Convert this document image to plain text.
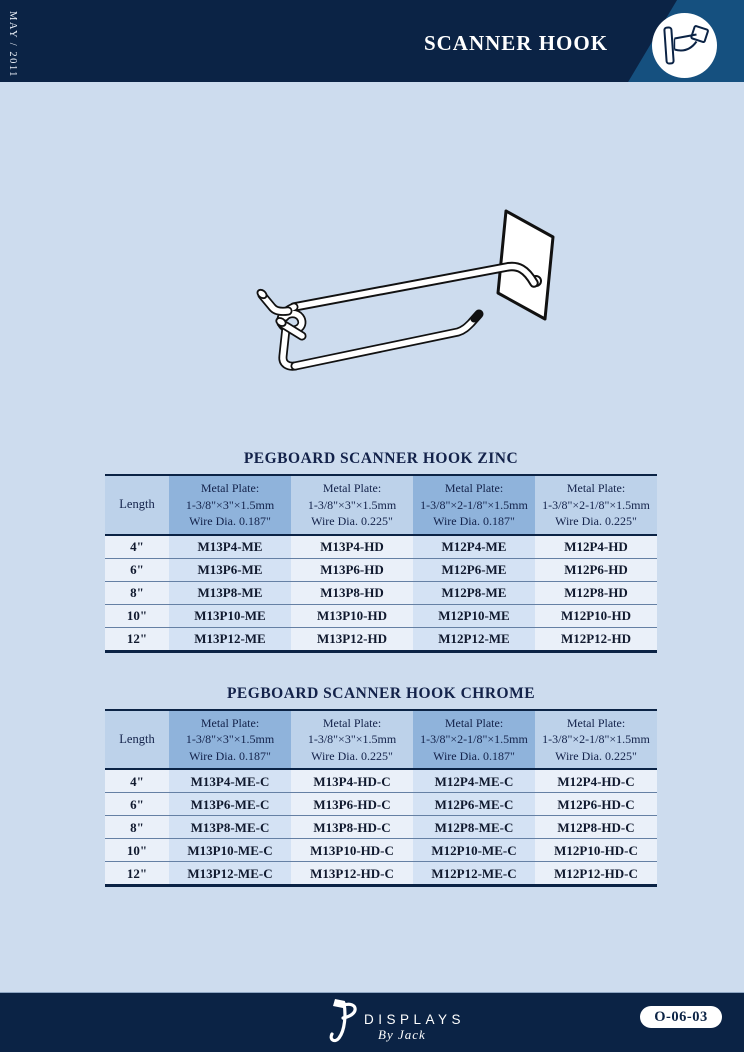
MAY / 2011	SCANNER HOOK
PEGBOARD SCANNER HOOK ZINC
Length	Metal Plate:
1-3/8"×3"×1.5mm
Wire Dia. 0.187"	Metal Plate:
1-3/8"×3"×1.5mm
Wire Dia. 0.225"	Metal Plate:
1-3/8"×2-1/8"×1.5mm
Wire Dia. 0.187"	Metal Plate:
1-3/8"×2-1/8"×1.5mm
Wire Dia. 0.225"
4"	M13P4-ME	M13P4-HD	M12P4-ME	M12P4-HD
6"	M13P6-ME	M13P6-HD	M12P6-ME	M12P6-HD
8"	M13P8-ME	M13P8-HD	M12P8-ME	M12P8-HD
10"	M13P10-ME	M13P10-HD	M12P10-ME	M12P10-HD
12"	M13P12-ME	M13P12-HD	M12P12-ME	M12P12-HD
PEGBOARD SCANNER HOOK CHROME
Length	Metal Plate:
1-3/8"×3"×1.5mm
Wire Dia. 0.187"	Metal Plate:
1-3/8"×3"×1.5mm
Wire Dia. 0.225"	Metal Plate:
1-3/8"×2-1/8"×1.5mm
Wire Dia. 0.187"	Metal Plate:
1-3/8"×2-1/8"×1.5mm
Wire Dia. 0.225"
4"	M13P4-ME-C	M13P4-HD-C	M12P4-ME-C	M12P4-HD-C
6"	M13P6-ME-C	M13P6-HD-C	M12P6-ME-C	M12P6-HD-C
8"	M13P8-ME-C	M13P8-HD-C	M12P8-ME-C	M12P8-HD-C
10"	M13P10-ME-C	M13P10-HD-C	M12P10-ME-C	M12P10-HD-C
12"	M13P12-ME-C	M13P12-HD-C	M12P12-ME-C	M12P12-HD-C
DISPLAYS
By Jack
O-06-03
